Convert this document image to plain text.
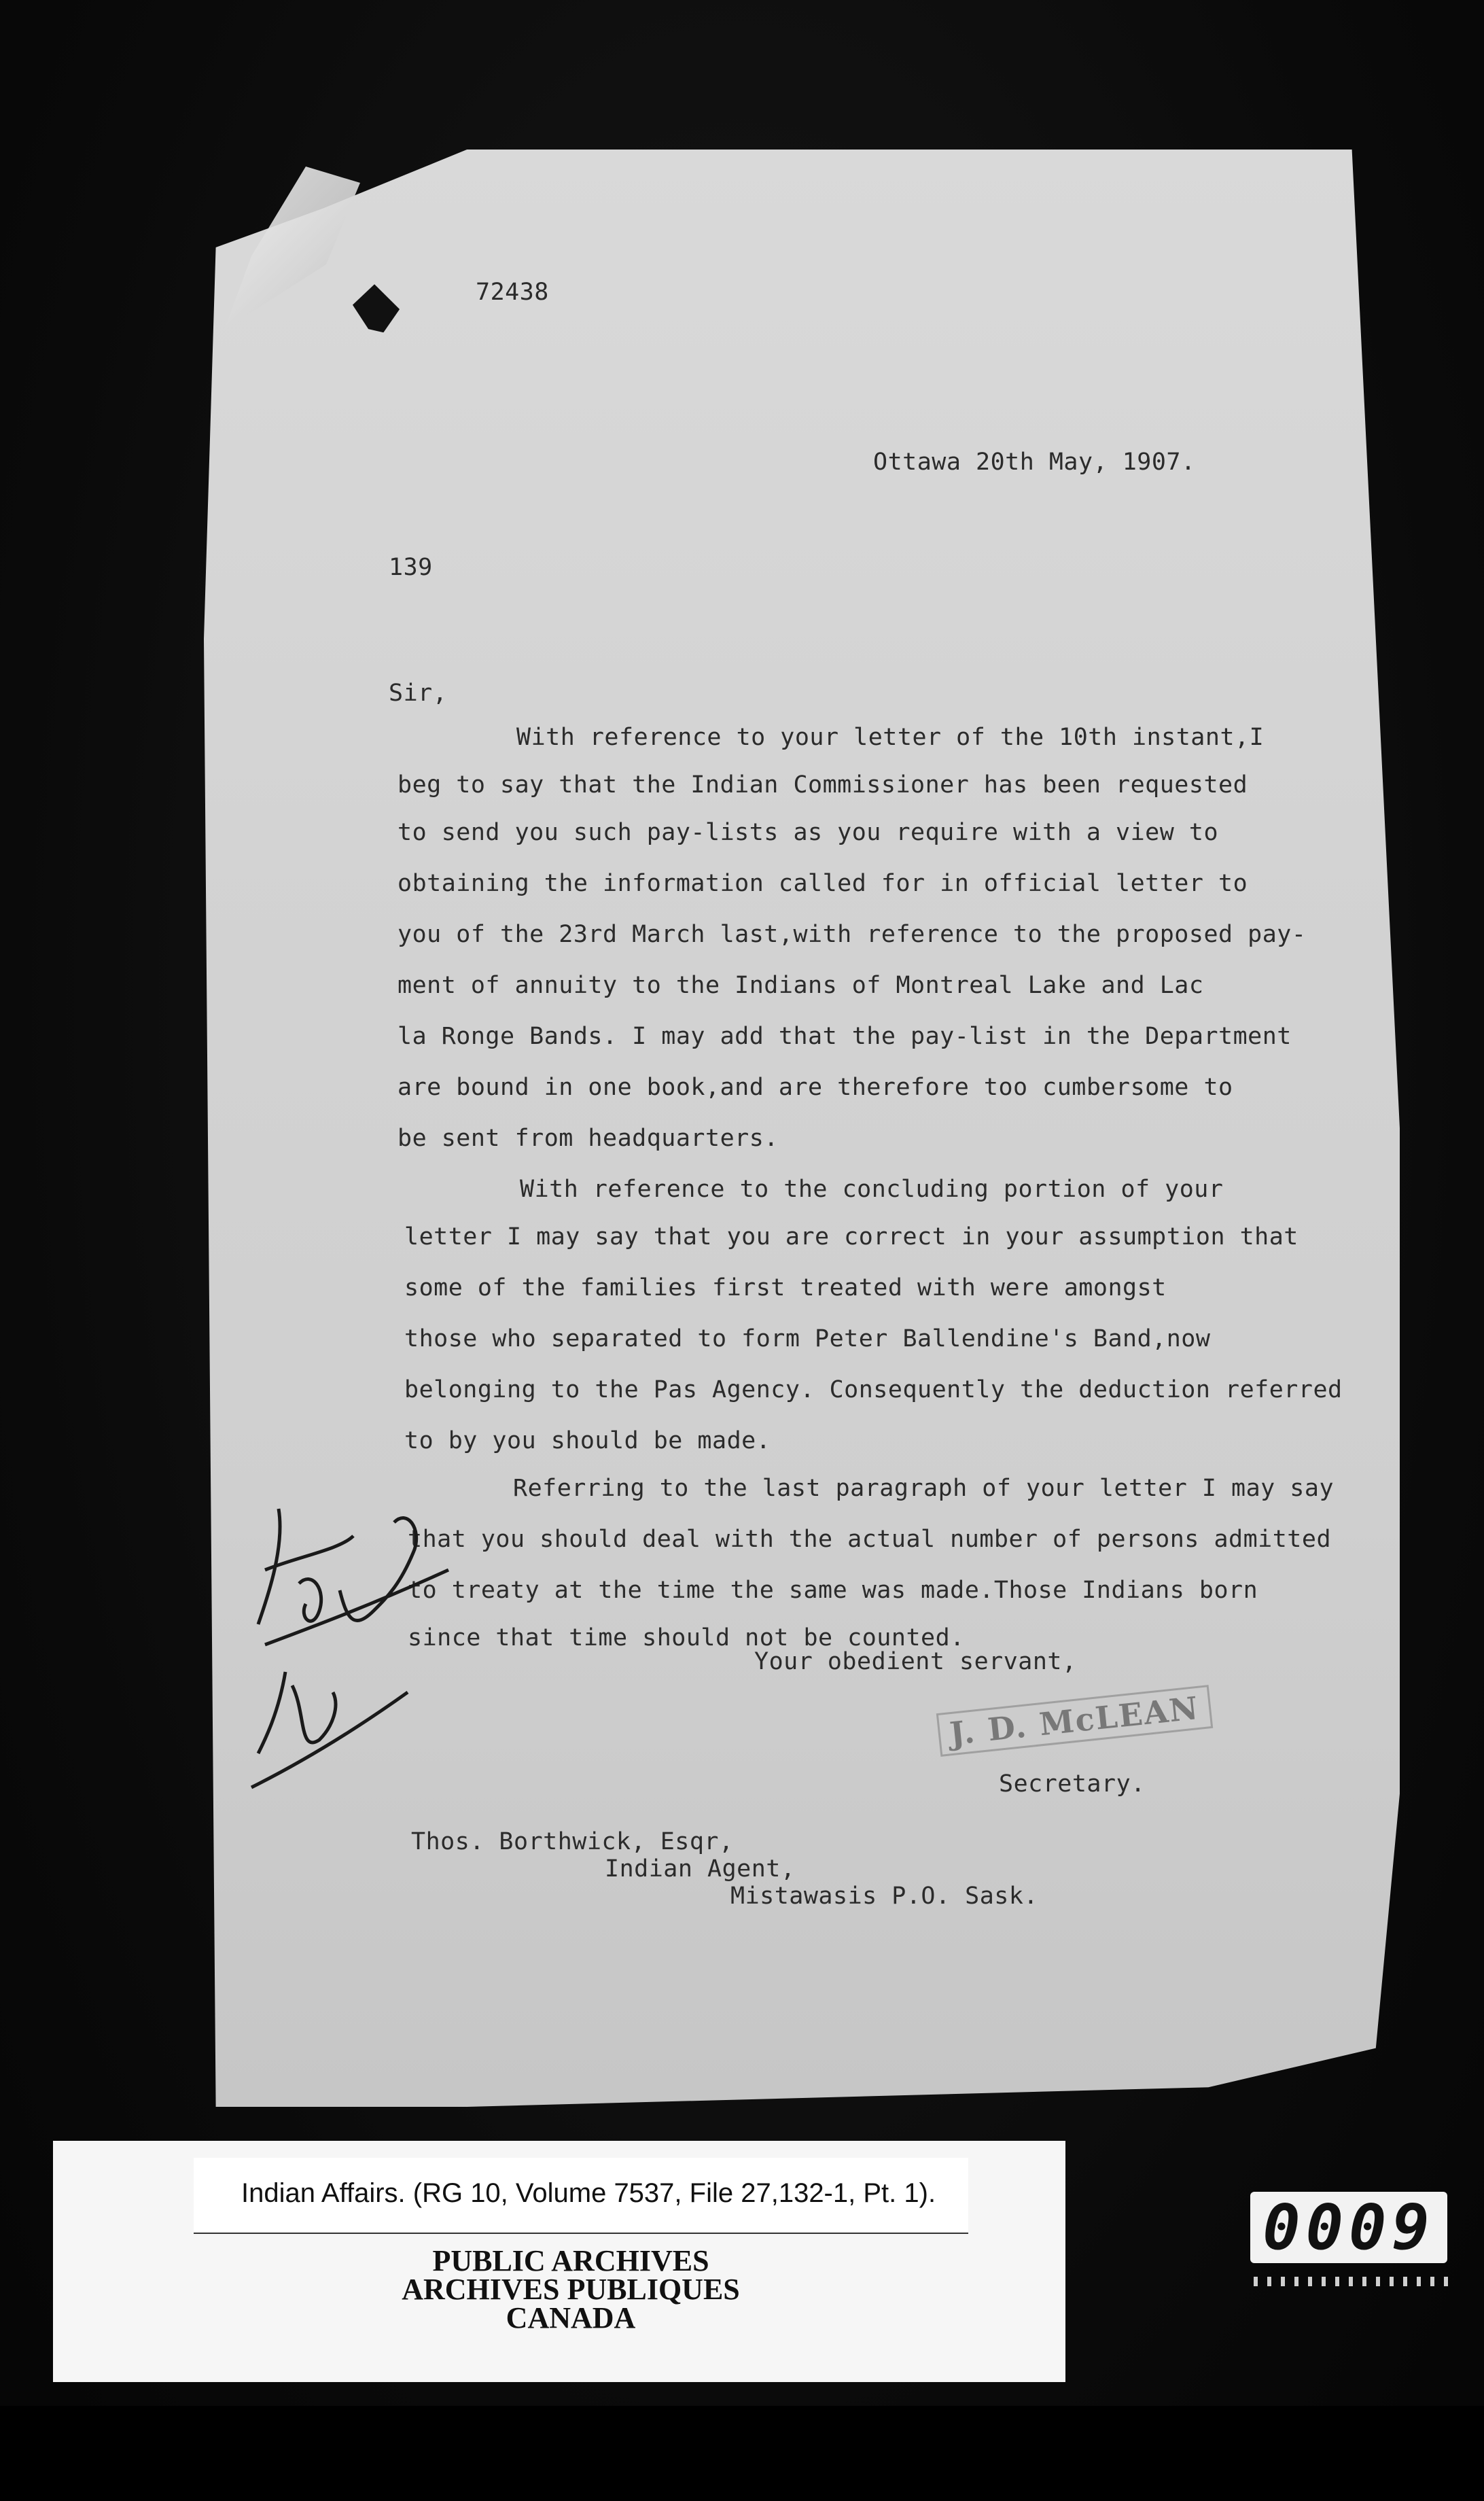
72438
Ottawa 20th May, 1907.
139
Sir,
With reference to your letter of the 10th instant,I
beg to say that the Indian Commissioner has been requested
to send you such pay-lists as you require with a view to
obtaining the information called for in official letter to
you of the 23rd March last,with reference to the proposed pay-
ment of annuity to the Indians of Montreal Lake and Lac
la Ronge Bands. I may add that the pay-list in the Department
are bound in one book,and are therefore too cumbersome to
be sent from headquarters.
With reference to the concluding portion of your
letter I may say that you are correct in your assumption that
some of the families first treated with were amongst
those who separated to form Peter Ballendine's Band,now
belonging to the Pas Agency. Consequently the deduction referred
to by you should be made.
Referring to the last paragraph of your letter I may say
that you should deal with the actual number of persons admitted
to treaty at the time the same was made.Those Indians born
since that time should not be counted.
Your obedient servant,
J. D. McLEAN
Secretary.
Thos. Borthwick, Esqr,
Indian Agent,
Mistawasis P.O. Sask.
Indian Affairs. (RG 10, Volume 7537, File 27,132-1, Pt. 1).
PUBLIC ARCHIVES
ARCHIVES PUBLIQUES
CANADA
0009
